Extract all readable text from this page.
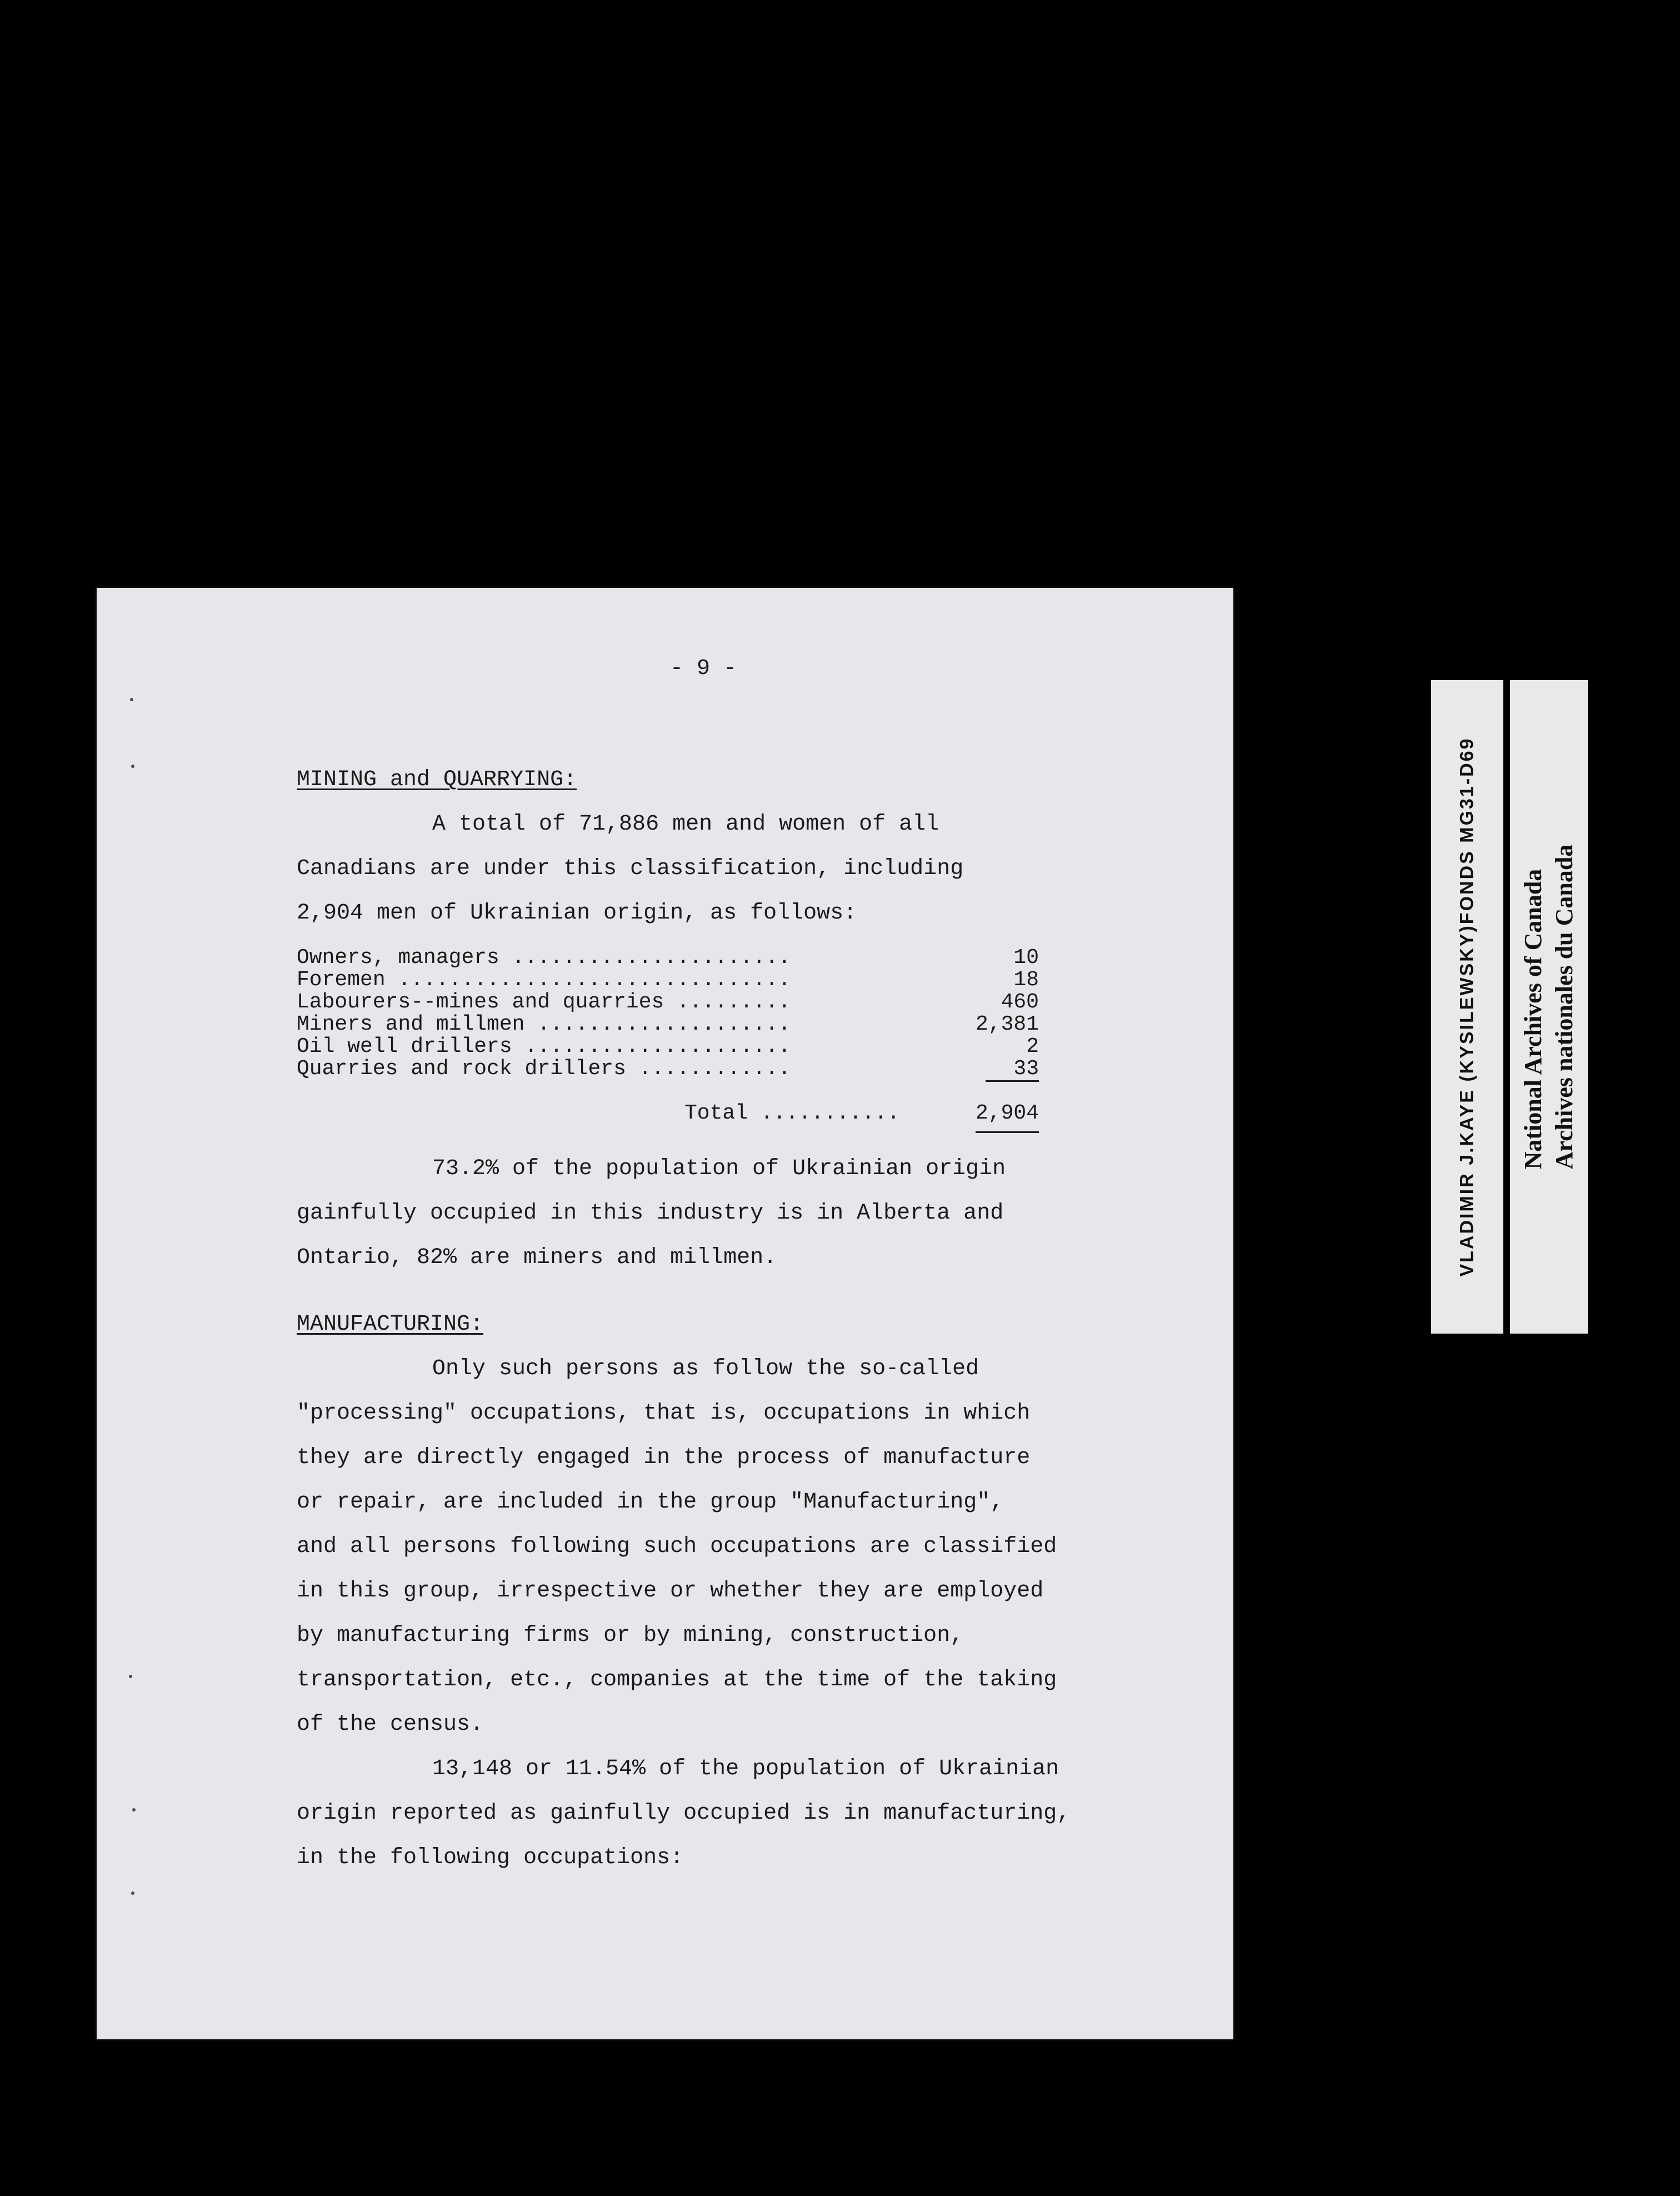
- 9 -
MINING and QUARRYING:
A total of 71,886 men and women of all
Canadians are under this classification, including
2,904 men of Ukrainian origin, as follows:
Owners, managers ......................	10
Foremen ...............................	18
Labourers--mines and quarries .........	460
Miners and millmen ....................	2,381
Oil well drillers .....................	2
Quarries and rock drillers ............	33
Total ...........	2,904
73.2% of the population of Ukrainian origin
gainfully occupied in this industry is in Alberta and
Ontario, 82% are miners and millmen.
MANUFACTURING:
Only such persons as follow the so-called
"processing" occupations, that is, occupations in which
they are directly engaged in the process of manufacture
or repair, are included in the group "Manufacturing",
and all persons following such occupations are classified
in this group, irrespective or whether they are employed
by manufacturing firms or by mining, construction,
transportation, etc., companies at the time of the taking
of the census.
13,148 or 11.54% of the population of Ukrainian
origin reported as gainfully occupied is in manufacturing,
in the following occupations:
VLADIMIR J.KAYE (KYSILEWSKY)FONDS MG31-D69 National Archives of Canada Archives nationales du Canada
